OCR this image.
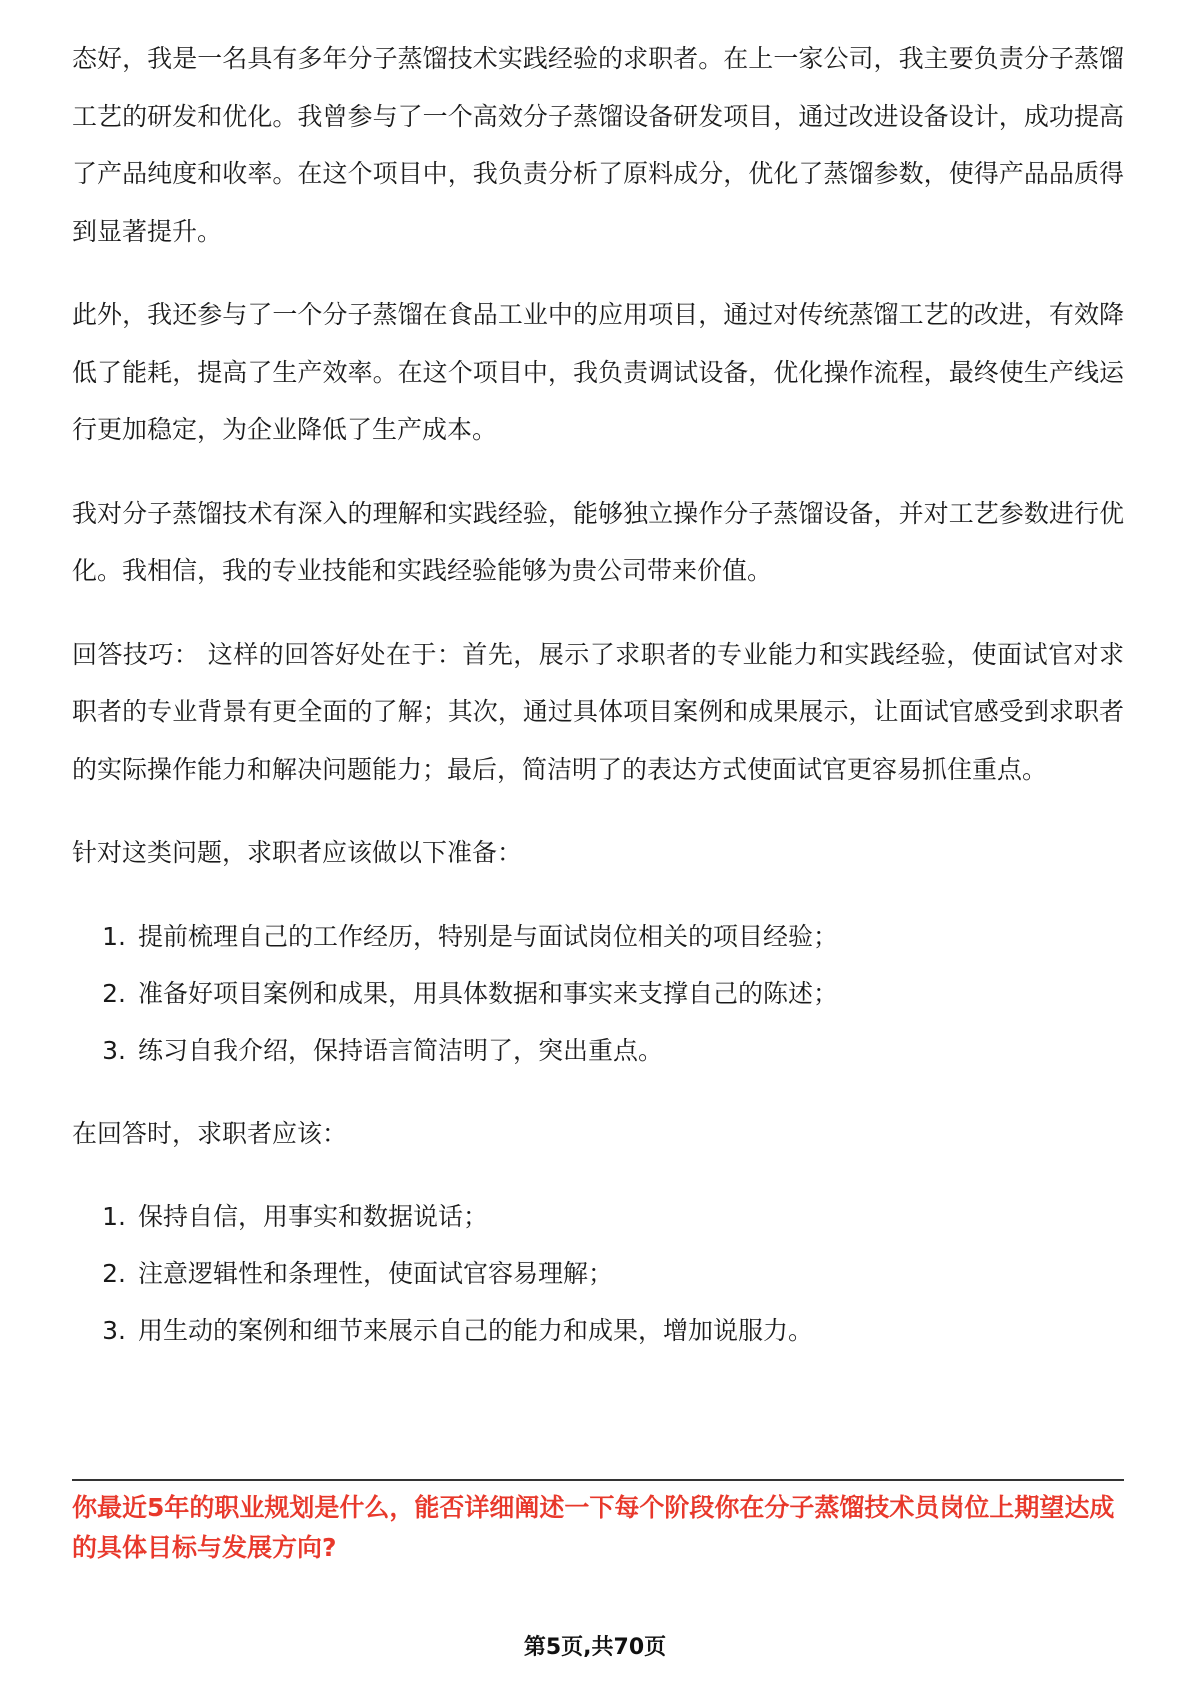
态好，我是一名具有多年分子蒸馏技术实践经验的求职者。在上一家公司，我主要负责分子蒸馏工艺的研发和优化。我曾参与了一个高效分子蒸馏设备研发项目，通过改进设备设计，成功提高了产品纯度和收率。在这个项目中，我负责分析了原料成分，优化了蒸馏参数，使得产品品质得到显著提升。

此外，我还参与了一个分子蒸馏在食品工业中的应用项目，通过对传统蒸馏工艺的改进，有效降低了能耗，提高了生产效率。在这个项目中，我负责调试设备，优化操作流程，最终使生产线运行更加稳定，为企业降低了生产成本。

我对分子蒸馏技术有深入的理解和实践经验，能够独立操作分子蒸馏设备，并对工艺参数进行优化。我相信，我的专业技能和实践经验能够为贵公司带来价值。

回答技巧： 这样的回答好处在于：首先，展示了求职者的专业能力和实践经验，使面试官对求职者的专业背景有更全面的了解；其次，通过具体项目案例和成果展示，让面试官感受到求职者的实际操作能力和解决问题能力；最后，简洁明了的表达方式使面试官更容易抓住重点。

针对这类问题，求职者应该做以下准备：

1. 提前梳理自己的工作经历，特别是与面试岗位相关的项目经验；
2. 准备好项目案例和成果，用具体数据和事实来支撑自己的陈述；
3. 练习自我介绍，保持语言简洁明了，突出重点。

在回答时，求职者应该：

1. 保持自信，用事实和数据说话；
2. 注意逻辑性和条理性，使面试官容易理解；
3. 用生动的案例和细节来展示自己的能力和成果，增加说服力。
你最近5年的职业规划是什么，能否详细阐述一下每个阶段你在分子蒸馏技术员岗位上期望达成的具体目标与发展方向?
第5页,共70页
